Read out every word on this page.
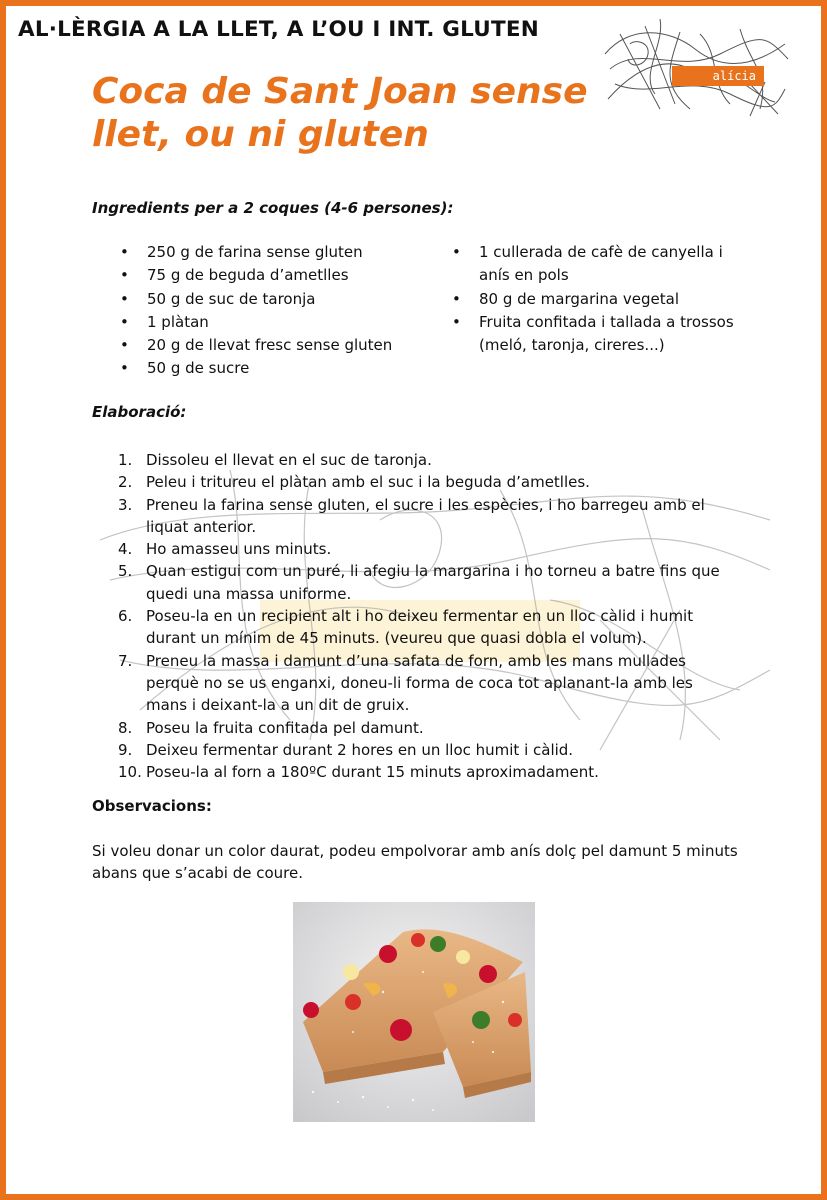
AL·LÈRGIA A LA LLET, A L’OU I INT. GLUTEN
alícia
Coca de Sant Joan sense
llet, ou ni gluten
Ingredients per a 2 coques (4-6 persones):
• 250 g de farina sense gluten
• 75 g de beguda d’ametlles
• 50 g de suc de taronja
• 1 plàtan
• 20 g de llevat fresc sense gluten
• 50 g de sucre
• 1 cullerada de cafè de canyella i anís en pols
• 80 g de margarina vegetal
• Fruita confitada i tallada a trossos (meló, taronja, cireres...)
Elaboració:
1. Dissoleu el llevat en el suc de taronja.
2. Peleu i tritureu el plàtan amb el suc i la beguda d’ametlles.
3. Preneu la farina sense gluten, el sucre i les espècies, i ho barregeu amb el liquat anterior.
4. Ho amasseu uns minuts.
5. Quan estigui com un puré, li afegiu la margarina i ho torneu a batre fins que quedi una massa uniforme.
6. Poseu-la en un recipient alt i ho deixeu fermentar en un lloc càlid i humit durant un mínim de 45 minuts. (veureu que quasi dobla el volum).
7. Preneu la massa i damunt d’una safata de forn, amb les mans mullades perquè no se us enganxi, doneu-li forma de coca tot aplanant-la amb les mans i deixant-la a un dit de gruix.
8. Poseu la fruita confitada pel damunt.
9. Deixeu fermentar durant 2 hores en un lloc humit i càlid.
10. Poseu-la al forn a 180ºC durant 15 minuts aproximadament.
Observacions:
Si voleu donar un color daurat, podeu empolvorar amb anís dolç pel damunt 5 minuts abans que s’acabi de coure.
